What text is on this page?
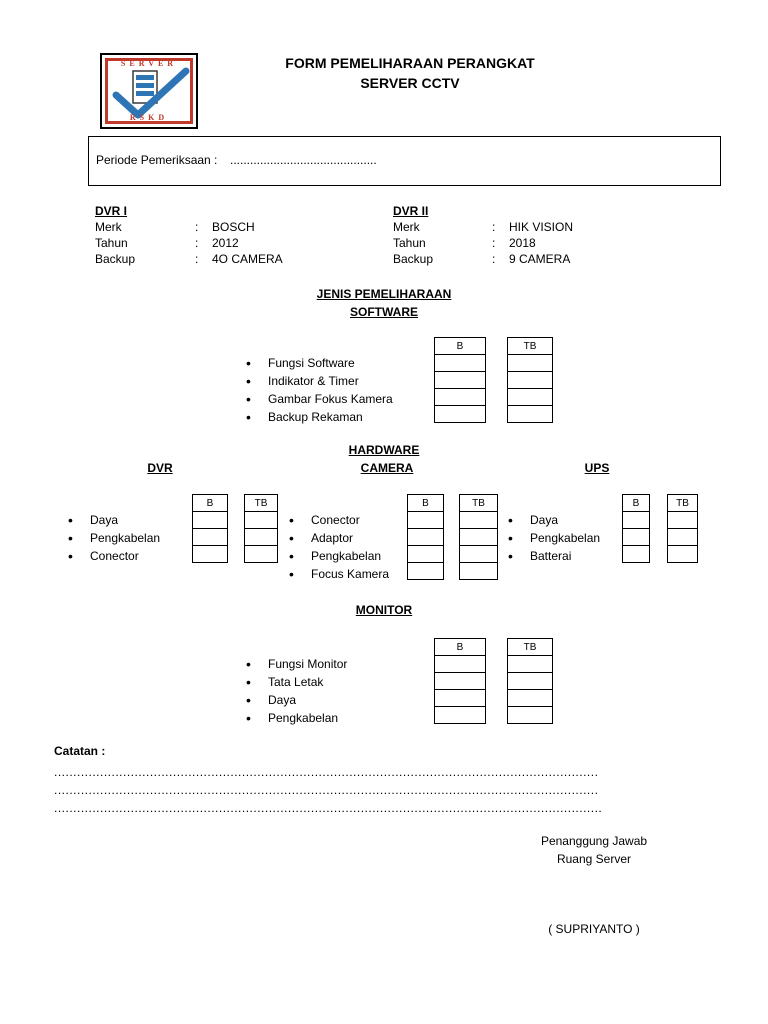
SERVER
RSKD
FORM PEMELIHARAAN PERANGKAT
SERVER CCTV
Periode Pemeriksaan : ............................................
DVR I
Merk	: BOSCH
Tahun	: 2012
Backup	: 4O CAMERA
DVR II
Merk	: HIK VISION
Tahun	: 2018
Backup	: 9 CAMERA
JENIS PEMELIHARAAN
SOFTWARE
• Fungsi Software
• Indikator & Timer
• Gambar Fokus Kamera
• Backup Rekaman
B	TB

HARDWARE
DVR	CAMERA	UPS
• Daya
• Pengkabelan
• Conector
B	TB

• Conector
• Adaptor
• Pengkabelan
• Focus Kamera
B	TB

• Daya
• Pengkabelan
• Batterai
B	TB

MONITOR
• Fungsi Monitor
• Tata Letak
• Daya
• Pengkabelan
B	TB

Catatan :
..............................................................................................................................................
..............................................................................................................................................
...............................................................................................................................................
Penanggung Jawab
Ruang Server
( SUPRIYANTO )
